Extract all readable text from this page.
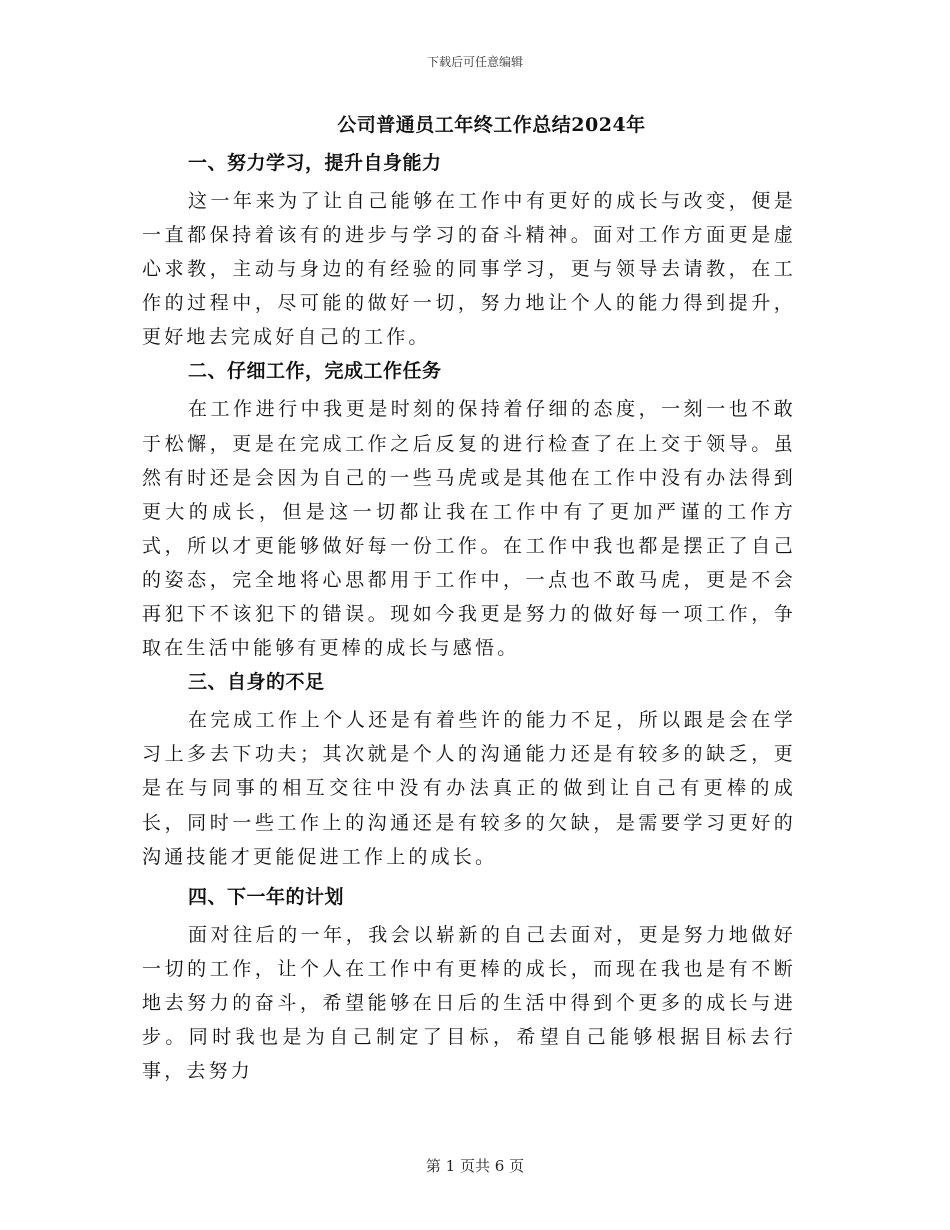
下载后可任意编辑
公司普通员工年终工作总结2024年
一、努力学习，提升自身能力

这一年来为了让自己能够在工作中有更好的成长与改变，便是一直都保持着该有的进步与学习的奋斗精神。面对工作方面更是虚心求教，主动与身边的有经验的同事学习，更与领导去请教，在工作的过程中，尽可能的做好一切，努力地让个人的能力得到提升，更好地去完成好自己的工作。

二、仔细工作，完成工作任务

在工作进行中我更是时刻的保持着仔细的态度，一刻一也不敢于松懈，更是在完成工作之后反复的进行检查了在上交于领导。虽然有时还是会因为自己的一些马虎或是其他在工作中没有办法得到更大的成长，但是这一切都让我在工作中有了更加严谨的工作方式，所以才更能够做好每一份工作。在工作中我也都是摆正了自己的姿态，完全地将心思都用于工作中，一点也不敢马虎，更是不会再犯下不该犯下的错误。现如今我更是努力的做好每一项工作，争取在生活中能够有更棒的成长与感悟。

三、自身的不足

在完成工作上个人还是有着些许的能力不足，所以跟是会在学习上多去下功夫；其次就是个人的沟通能力还是有较多的缺乏，更是在与同事的相互交往中没有办法真正的做到让自己有更棒的成长，同时一些工作上的沟通还是有较多的欠缺，是需要学习更好的沟通技能才更能促进工作上的成长。

四、下一年的计划

面对往后的一年，我会以崭新的自己去面对，更是努力地做好一切的工作，让个人在工作中有更棒的成长，而现在我也是有不断地去努力的奋斗，希望能够在日后的生活中得到个更多的成长与进步。同时我也是为自己制定了目标，希望自己能够根据目标去行事，去努力

第 1 页共 6 页
